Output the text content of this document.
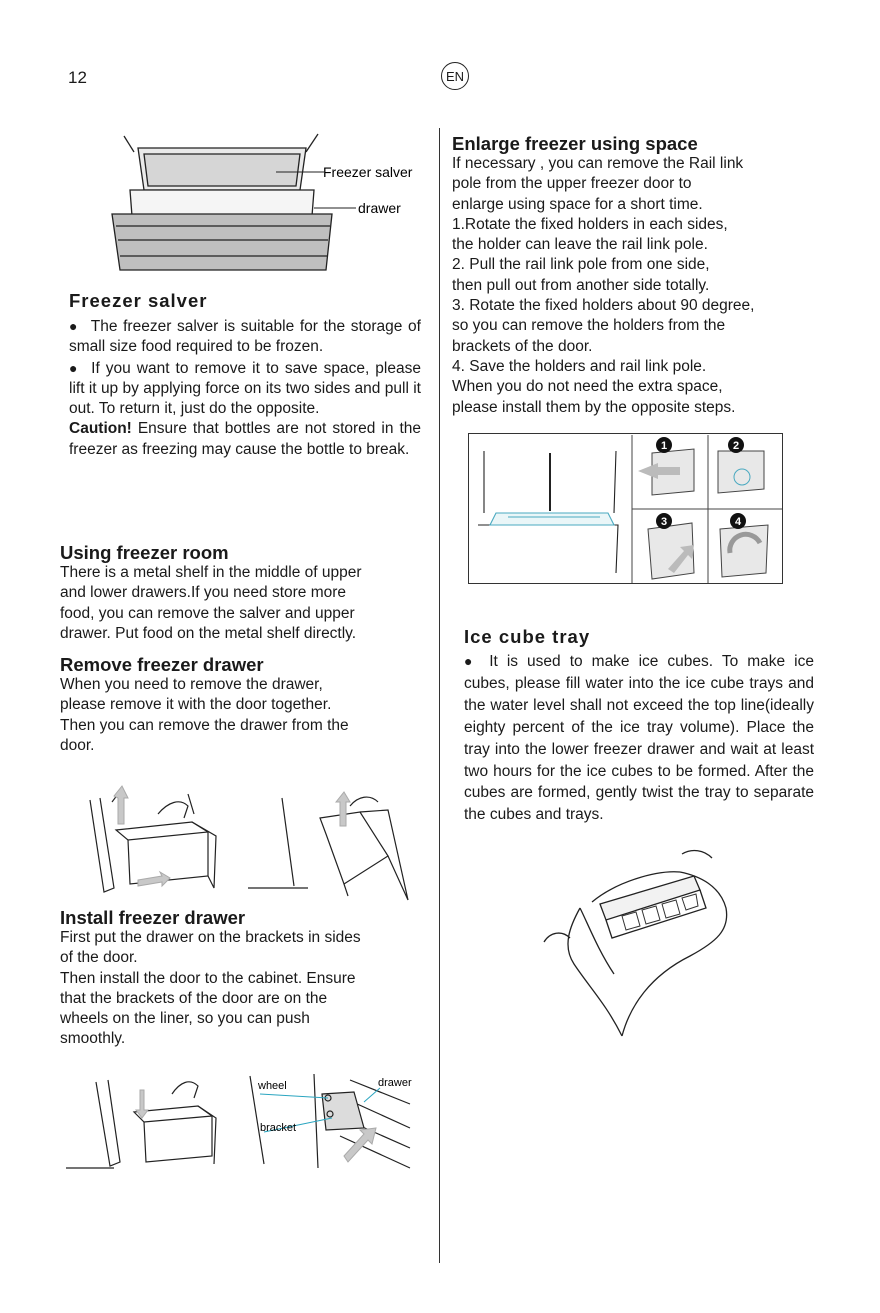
12	EN
Freezer salver
drawer
Freezer salver

● The freezer salver is suitable for the storage of small size food required to be frozen.

● If you want to remove it to save space, please lift it up by applying force on its two sides and pull it out. To return it, just do the opposite.

Caution! Ensure that bottles are not stored in the freezer as freezing may cause the bottle to break.

Using freezer room

There is a metal shelf in the middle of upper

and lower drawers.If you need store more

food, you can remove the salver and upper

drawer. Put food on the metal shelf directly.

Remove freezer drawer

When you need to remove the drawer,

please remove it with the door together.

Then you can remove the drawer from the

door.

Install freezer drawer

First put the drawer on the brackets in sides

of the door.

Then install the door to the cabinet. Ensure

that the brackets of the door are on the

wheels on the liner, so you can push

smoothly.

wheel
bracket
drawer
Enlarge freezer using space

If necessary , you can remove the Rail link

pole from the upper freezer door to

enlarge using space for a short time.

1.Rotate the fixed holders in each sides,

the holder can leave the rail link pole.

2. Pull the rail link pole from one side,

then pull out from another side totally.

3. Rotate the fixed holders about 90 degree,

so you can remove the holders from the

brackets of the door.

4. Save the holders and rail link pole.

When you do not need the extra space,

please install them by the opposite steps.

1	2
3	4
Ice cube tray

● It is used to make ice cubes. To make ice cubes, please fill water into the ice cube trays and the water level shall not exceed the top line(ideally eighty percent of the ice tray volume). Place the tray into the lower freezer drawer and wait at least two hours for the ice cubes to be formed. After the cubes are formed, gently twist the tray to separate the cubes and trays.
